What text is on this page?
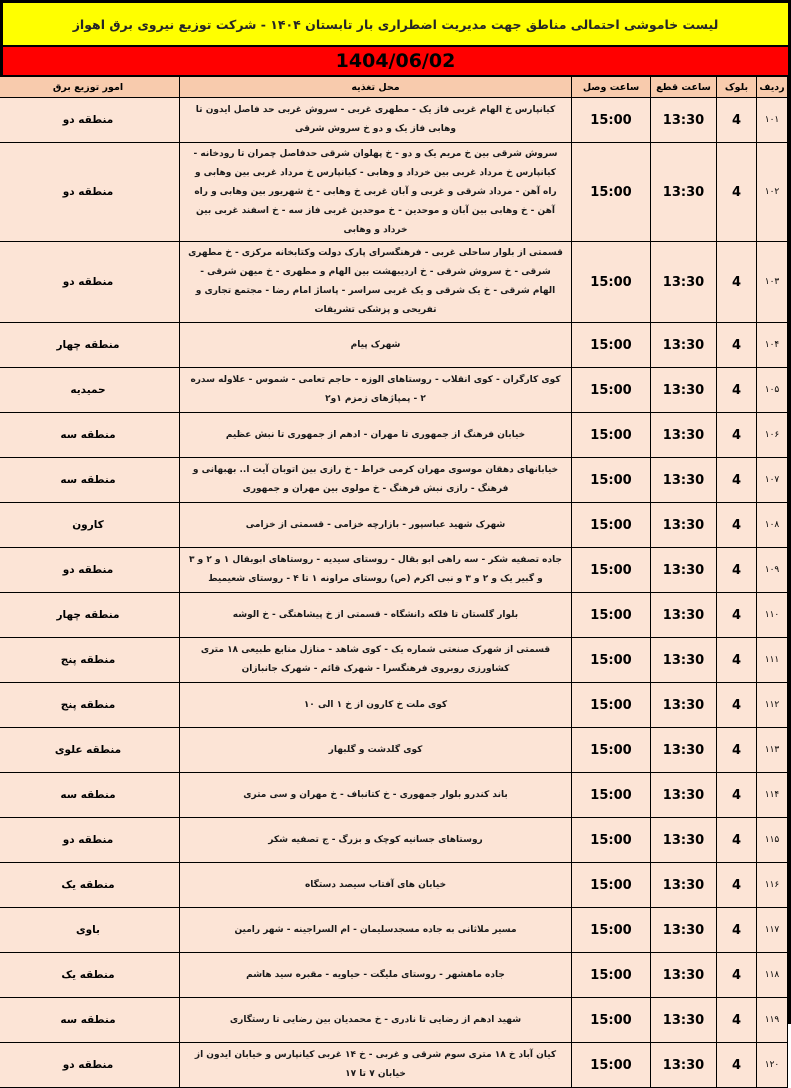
لیست خاموشی احتمالی مناطق جهت مدیریت اضطراری بار تابستان ۱۴۰۴ - شرکت توزیع نیروی برق اهواز
1404/06/02
ردیف	بلوک	ساعت قطع	ساعت وصل	محل تغذیه	امور توزیع برق
۱۰۱	4	13:30	15:00	کیانپارس خ الهام غربی فاز یک - مطهری غربی - سروش غربی حد فاصل ایدون تا وهابی فاز یک و دو خ سروش شرقی	منطقه دو
۱۰۲	4	13:30	15:00	سروش شرقی بین خ مریم یک و دو - خ پهلوان شرقی حدفاصل چمران تا رودخانه - کیانپارس خ مرداد غربی بین خرداد و وهابی - کیانپارس خ مرداد غربی بین وهابی و راه آهن - مرداد شرقی و غربی و آبان غربی خ وهابی - خ شهریور بین وهابی و راه آهن - خ وهابی بین آبان و موحدین - خ موحدین غربی فاز سه - خ اسفند غربی بین خرداد و وهابی	منطقه دو
۱۰۳	4	13:30	15:00	قسمتی از بلوار ساحلی غربی - فرهنگسرای پارک دولت وکتابخانه مرکزی - خ مطهری شرقی - خ سروش شرقی - خ اردیبهشت بین الهام و مطهری - خ میهن شرقی - الهام شرقی - خ یک شرقی و یک غربی سراسر - پاساژ امام رضا - مجتمع تجاری و تفریحی و پزشکی تشریفات	منطقه دو
۱۰۴	4	13:30	15:00	شهرک پیام	منطقه چهار
۱۰۵	4	13:30	15:00	کوی کارگران - کوی انقلاب - روستاهای الوزه - حاجم تعامی - شموس - علاوله سدره ۲ - پمپاژهای زمزم ۱و۲	حمیدیه
۱۰۶	4	13:30	15:00	خیابان فرهنگ از جمهوری تا مهران - ادهم از جمهوری تا نبش عظیم	منطقه سه
۱۰۷	4	13:30	15:00	خیابانهای دهقان موسوی مهران کرمی خراط - خ رازی بین اتوبان آیت ا.. بهبهانی و فرهنگ - رازی نبش فرهنگ - خ مولوی بین مهران و جمهوری	منطقه سه
۱۰۸	4	13:30	15:00	شهرک شهید عباسپور - بازارچه خزامی - قسمتی از خزامی	کارون
۱۰۹	4	13:30	15:00	جاده تصفیه شکر - سه راهی ابو بقال - روستای سیدیه - روستاهای ابوبقال ۱ و ۲ و ۳ و گبیر یک و ۲ و ۳ و نبی اکرم (ص) روستای مراونه ۱ تا ۴ - روستای شعیمیط	منطقه دو
۱۱۰	4	13:30	15:00	بلوار گلستان تا فلکه دانشگاه - قسمتی از خ پیشاهنگی - خ الوشه	منطقه چهار
۱۱۱	4	13:30	15:00	قسمتی از شهرک صنعتی شماره یک - کوی شاهد - منازل منابع طبیعی ۱۸ متری کشاورزی روبروی فرهنگسرا - شهرک قائم - شهرک جانبازان	منطقه پنج
۱۱۲	4	13:30	15:00	کوی ملت خ کارون از خ ۱ الی ۱۰	منطقه پنج
۱۱۳	4	13:30	15:00	کوی گلدشت و گلبهار	منطقه علوی
۱۱۴	4	13:30	15:00	باند کندرو بلوار جمهوری - خ کتانباف - خ مهران و سی متری	منطقه سه
۱۱۵	4	13:30	15:00	روستاهای جسانیه کوچک و بزرگ - ج تصفیه شکر	منطقه دو
۱۱۶	4	13:30	15:00	خیابان های آفتاب سیصد دستگاه	منطقه یک
۱۱۷	4	13:30	15:00	مسیر ملاثانی به جاده مسجدسلیمان - ام السراجینه - شهر رامین	باوی
۱۱۸	4	13:30	15:00	جاده ماهشهر - روستای ملیگت - حیاویه - مقبره سید هاشم	منطقه یک
۱۱۹	4	13:30	15:00	شهید ادهم از رضایی تا نادری - خ محمدیان بین رضایی تا رستگاری	منطقه سه
۱۲۰	4	13:30	15:00	کیان آباد خ ۱۸ متری سوم شرقی و غربی - خ ۱۴ غربی کیانپارس و خیابان ایدون از خیابان ۷ تا ۱۷	منطقه دو
